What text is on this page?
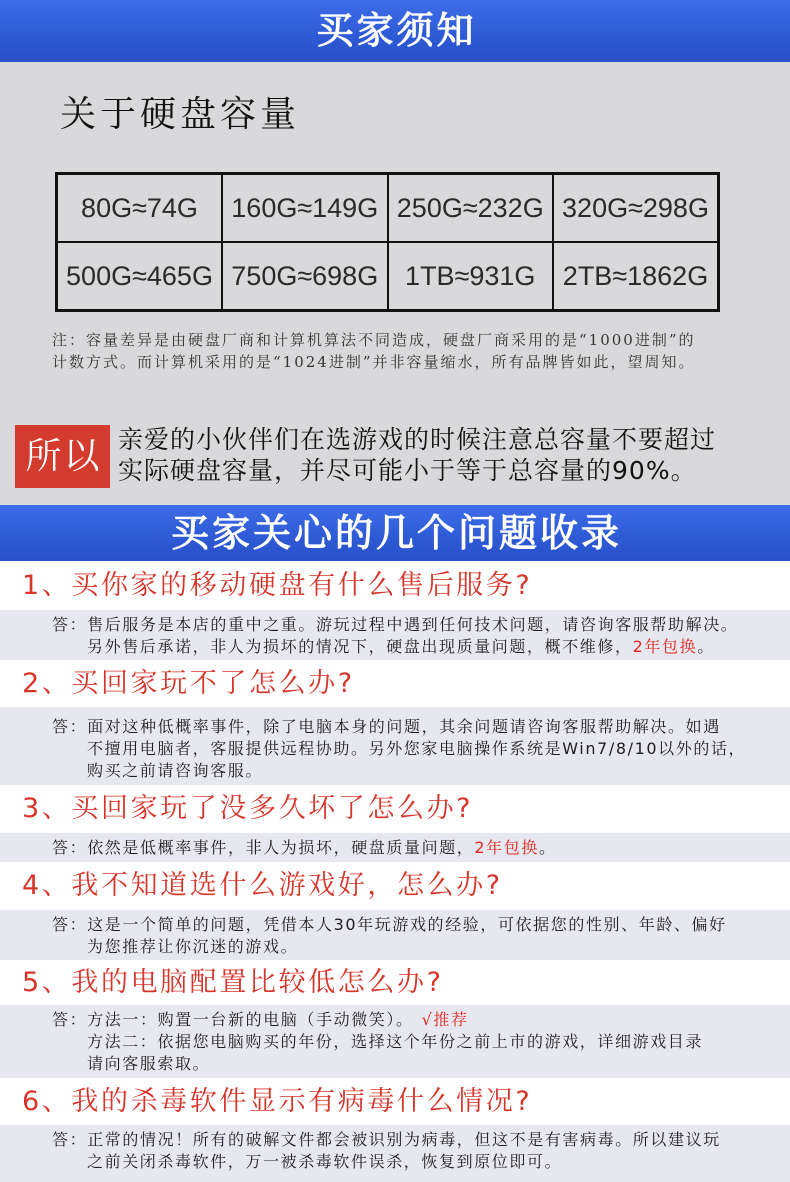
买家须知
关于硬盘容量
80G≈74G	160G≈149G	250G≈232G	320G≈298G
500G≈465G	750G≈698G	1TB≈931G	2TB≈1862G
注：容量差异是由硬盘厂商和计算机算法不同造成，硬盘厂商采用的是“1000进制”的
计数方式。而计算机采用的是“1024进制”并非容量缩水，所有品牌皆如此，望周知。
所以 亲爱的小伙伴们在选游戏的时候注意总容量不要超过
实际硬盘容量，并尽可能小于等于总容量的90%。
买家关心的几个问题收录
1、买你家的移动硬盘有什么售后服务?
答：售后服务是本店的重中之重。游玩过程中遇到任何技术问题，请咨询客服帮助解决。
另外售后承诺，非人为损坏的情况下，硬盘出现质量问题，概不维修，2年包换。
2、买回家玩不了怎么办?
答：面对这种低概率事件，除了电脑本身的问题，其余问题请咨询客服帮助解决。如遇
不擅用电脑者，客服提供远程协助。另外您家电脑操作系统是Win7/8/10以外的话，
购买之前请咨询客服。
3、买回家玩了没多久坏了怎么办?
答：依然是低概率事件，非人为损坏，硬盘质量问题，2年包换。
4、我不知道选什么游戏好，怎么办?
答：这是一个简单的问题，凭借本人30年玩游戏的经验，可依据您的性别、年龄、偏好
为您推荐让你沉迷的游戏。
5、我的电脑配置比较低怎么办?
答：方法一：购置一台新的电脑（手动微笑）。 √推荐
方法二：依据您电脑购买的年份，选择这个年份之前上市的游戏，详细游戏目录
请向客服索取。
6、我的杀毒软件显示有病毒什么情况?
答：正常的情况！所有的破解文件都会被识别为病毒，但这不是有害病毒。所以建议玩
之前关闭杀毒软件，万一被杀毒软件误杀，恢复到原位即可。
